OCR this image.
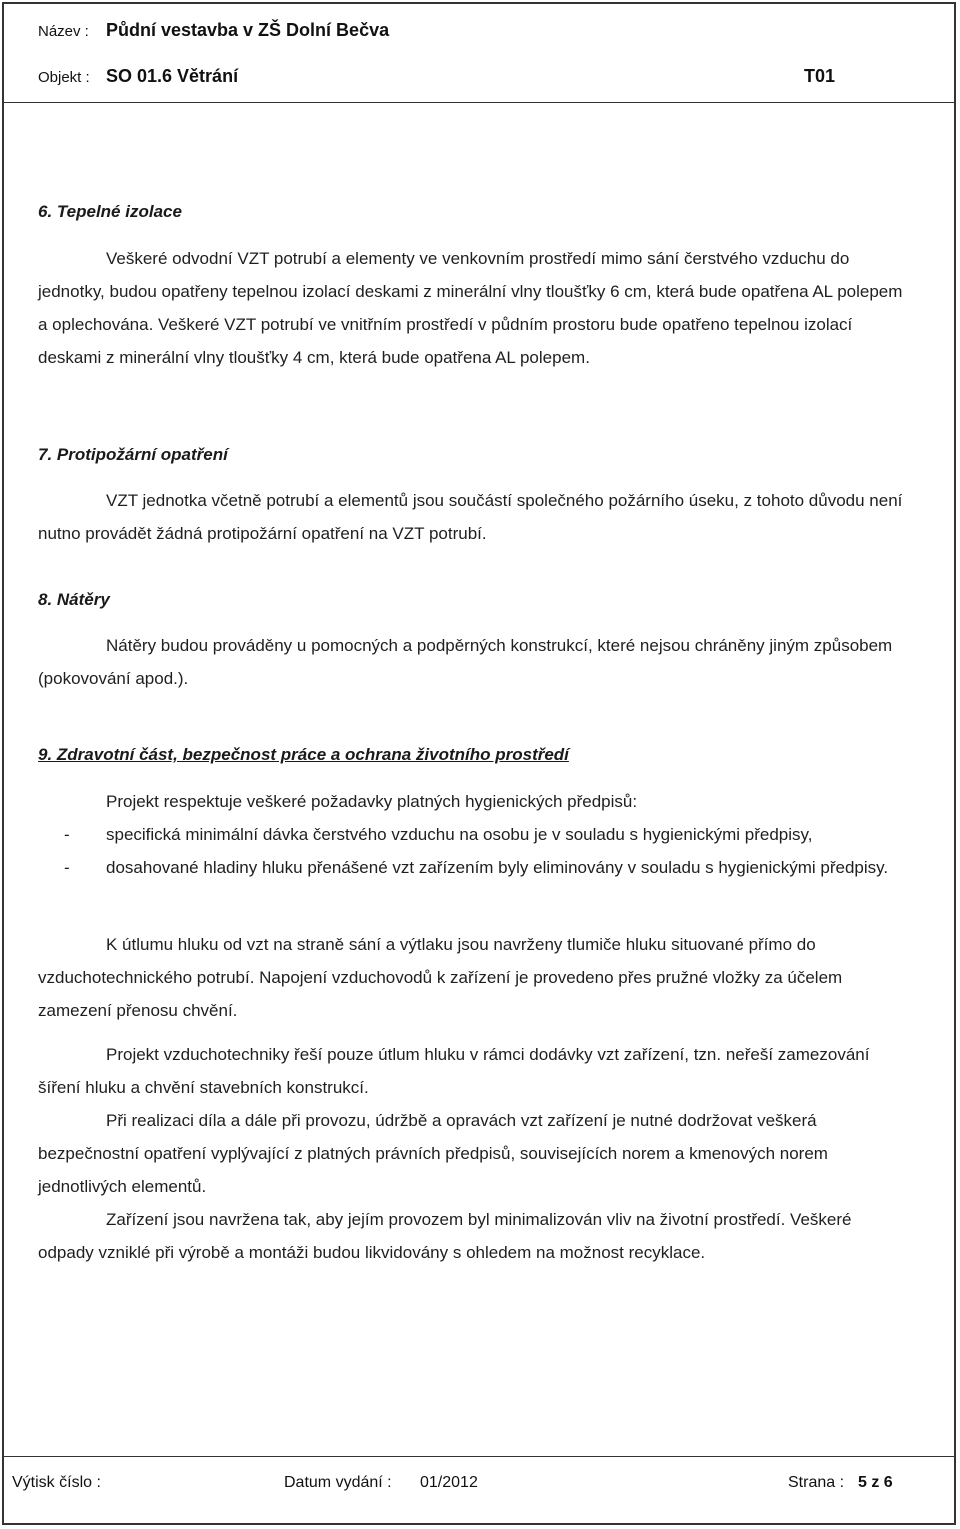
Název : Půdní vestavba v ZŠ Dolní Bečva
Objekt : SO 01.6 Větrání	T01
6. Tepelné izolace
Veškeré odvodní VZT potrubí a elementy ve venkovním prostředí mimo sání čerstvého vzduchu do jednotky, budou opatřeny tepelnou izolací deskami z minerální vlny tloušťky 6 cm, která bude opatřena AL polepem a oplechována. Veškeré VZT potrubí ve vnitřním prostředí v půdním prostoru bude opatřeno tepelnou izolací deskami z minerální vlny tloušťky 4 cm, která bude opatřena AL polepem.
7. Protipožární opatření
VZT jednotka včetně potrubí a elementů jsou součástí společného požárního úseku, z tohoto důvodu není nutno provádět žádná protipožární opatření na VZT potrubí.
8. Nátěry
Nátěry budou prováděny u pomocných a podpěrných konstrukcí, které nejsou chráněny jiným způsobem (pokovování apod.).
9. Zdravotní část, bezpečnost práce a ochrana životního prostředí
Projekt respektuje veškeré požadavky platných hygienických předpisů:
-	specifická minimální dávka čerstvého vzduchu na osobu je v souladu s hygienickými předpisy,
-	dosahované hladiny hluku přenášené vzt zařízením byly eliminovány v souladu s hygienickými předpisy.
K útlumu hluku od vzt na straně sání a výtlaku jsou navrženy tlumiče hluku situované přímo do vzduchotechnického potrubí. Napojení vzduchovodů k zařízení je provedeno přes pružné vložky za účelem zamezení přenosu chvění.
Projekt vzduchotechniky řeší pouze útlum hluku v rámci dodávky vzt zařízení, tzn. neřeší zamezování šíření hluku a chvění stavebních konstrukcí.
Při realizaci díla a dále při provozu, údržbě a opravách vzt zařízení je nutné dodržovat veškerá bezpečnostní opatření vyplývající z platných právních předpisů, souvisejících norem a kmenových norem jednotlivých elementů.
Zařízení jsou navržena tak, aby jejím provozem byl minimalizován vliv na životní prostředí. Veškeré odpady vzniklé při výrobě a montáži budou likvidovány s ohledem na možnost recyklace.
Výtisk číslo :	Datum vydání : 01/2012	Strana : 5 z 6
